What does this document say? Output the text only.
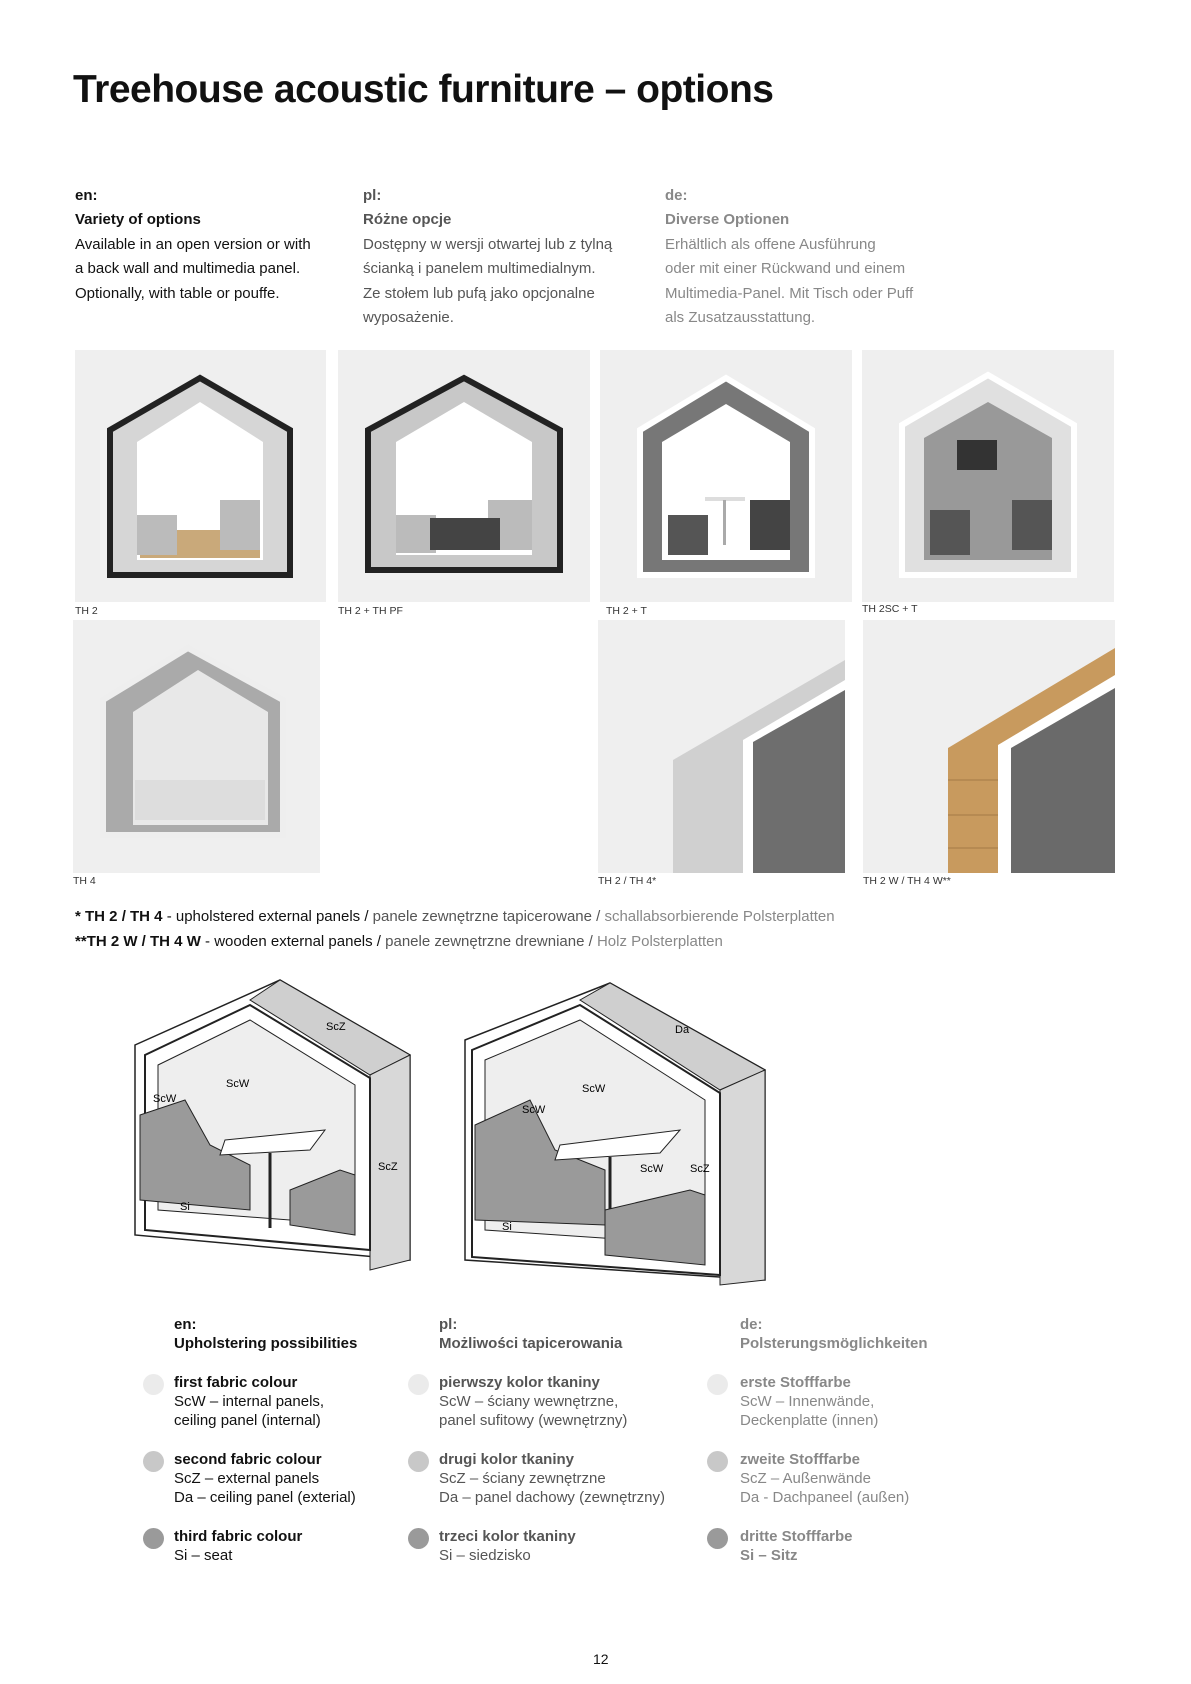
Treehouse acoustic furniture – options
en:
Variety of options
Available in an open version or with
a back wall and multimedia panel.
Optionally, with table or pouffe.
pl:
Różne opcje
Dostępny w wersji otwartej lub z tylną
ścianką i panelem multimedialnym.
Ze stołem lub pufą jako opcjonalne
wyposażenie.
de:
Diverse Optionen
Erhältlich als offene Ausführung
oder mit einer Rückwand und einem
Multimedia-Panel. Mit Tisch oder Puff
als Zusatzausstattung.
TH 2	TH 2 + TH PF	TH 2 + T	TH 2SC + T
TH 4	TH 2 / TH 4*	TH 2 W / TH 4 W**
* TH 2 / TH 4 - upholstered external panels / panele zewnętrzne tapicerowane / schallabsorbierende Polsterplatten
**TH 2 W / TH 4 W - wooden external panels / panele zewnętrzne drewniane / Holz Polsterplatten
ScZ
ScW
ScW
ScZ
Si
Da
ScW
ScW
ScW ScZ
Si
en:
Upholstering possibilities
pl:
Możliwości tapicerowania
de:
Polsterungsmöglichkeiten
first fabric colour
ScW – internal panels,
ceiling panel (internal)
second fabric colour
ScZ – external panels
Da – ceiling panel (exterial)
third fabric colour
Si – seat
pierwszy kolor tkaniny
ScW – ściany wewnętrzne,
panel sufitowy (wewnętrzny)
drugi kolor tkaniny
ScZ – ściany zewnętrzne
Da – panel dachowy (zewnętrzny)
trzeci kolor tkaniny
Si – siedzisko
erste Stofffarbe
ScW – Innenwände,
Deckenplatte (innen)
zweite Stofffarbe
ScZ – Außenwände
Da - Dachpaneel (außen)
dritte Stofffarbe
Si – Sitz
12
